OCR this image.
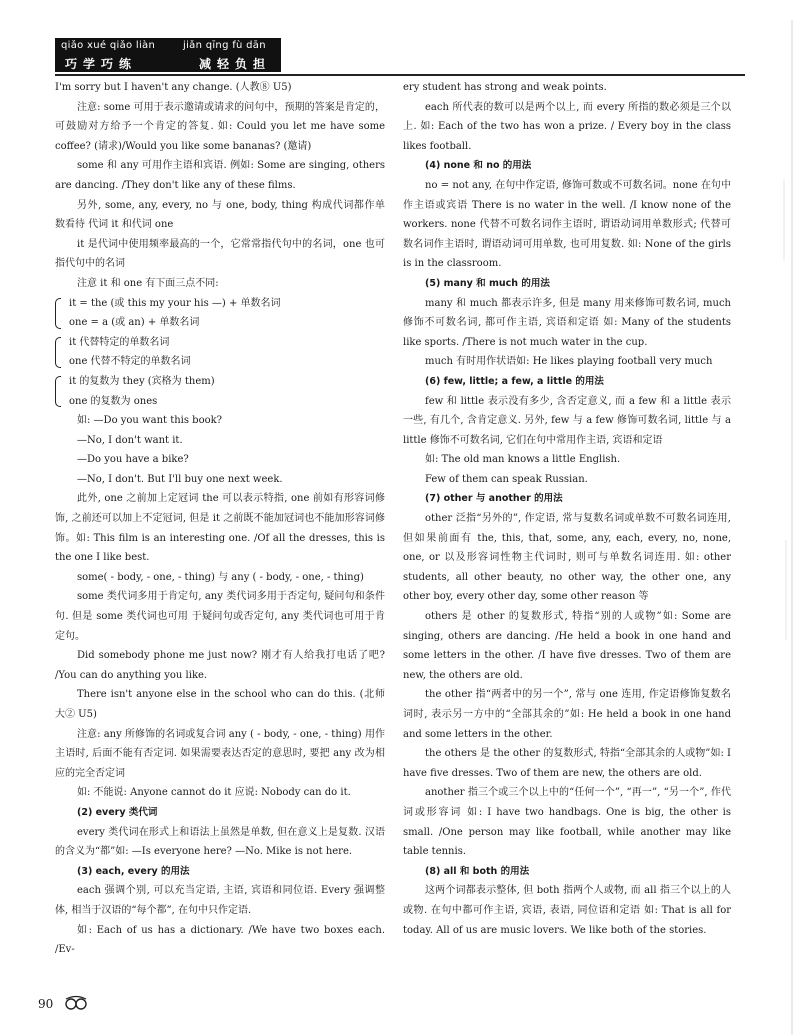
qiǎo xué qiǎo liàn	jiǎn qīng fù dān
巧学巧练	减轻负担

I'm sorry but I haven't any change. (人教⑧ U5)

注意: some 可用于表示邀请或请求的问句中，预期的答案是肯定的，可鼓励对方给予一个肯定的答复. 如: Could you let me have some coffee? (请求)/Would you like some bananas? (邀请)

some 和 any 可用作主语和宾语. 例如: Some are singing, others are dancing. /They don't like any of these films.

另外, some, any, every, no 与 one, body, thing 构成代词都作单数看待 代词 it 和代词 one

it 是代词中使用频率最高的一个，它常常指代句中的名词，one 也可指代句中的名词

注意 it 和 one 有下面三点不同:

it = the (或 this my your his —) + 单数名词

one = a (或 an) + 单数名词

it 代替特定的单数名词

one 代替不特定的单数名词

it 的复数为 they (宾格为 them)

one 的复数为 ones

如: —Do you want this book?

—No, I don't want it.

—Do you have a bike?

—No, I don't. But I'll buy one next week.

此外, one 之前加上定冠词 the 可以表示特指, one 前如有形容词修饰, 之前还可以加上不定冠词, 但是 it 之前既不能加冠词也不能加形容词修饰。如: This film is an interesting one. /Of all the dresses, this is the one I like best.

some( - body, - one, - thing) 与 any ( - body, - one, - thing)

some 类代词多用于肯定句, any 类代词多用于否定句, 疑问句和条件句. 但是 some 类代词也可用 于疑问句或否定句, any 类代词也可用于肯定句。

Did somebody phone me just now? 刚才有人给我打电话了吧? /You can do anything you like.

There isn't anyone else in the school who can do this. (北师大② U5)

注意: any 所修饰的名词或复合词 any ( - body, - one, - thing) 用作主语时, 后面不能有否定词. 如果需要表达否定的意思时, 要把 any 改为相应的完全否定词

如: 不能说: Anyone cannot do it 应说: Nobody can do it.

(2) every 类代词

every 类代词在形式上和语法上虽然是单数, 但在意义上是复数. 汉语的含义为“都”如: —Is everyone here? —No. Mike is not here.

(3) each, every 的用法

each 强调个别, 可以充当定语, 主语, 宾语和同位语. Every 强调整体, 相当于汉语的“每个都”, 在句中只作定语.

如: Each of us has a dictionary. /We have two boxes each. /Ev-

ery student has strong and weak points.

each 所代表的数可以是两个以上, 而 every 所指的数必须是三个以上. 如: Each of the two has won a prize. / Every boy in the class likes football.

(4) none 和 no 的用法

no = not any, 在句中作定语, 修饰可数或不可数名词。none 在句中作主语或宾语 There is no water in the well. /I know none of the workers. none 代替不可数名词作主语时, 谓语动词用单数形式; 代替可数名词作主语时, 谓语动词可用单数, 也可用复数. 如: None of the girls is in the classroom.

(5) many 和 much 的用法

many 和 much 都表示许多, 但是 many 用来修饰可数名词, much 修饰不可数名词, 都可作主语, 宾语和定语 如: Many of the students like sports. /There is not much water in the cup.

much 有时用作状语如: He likes playing football very much

(6) few, little; a few, a little 的用法

few 和 little 表示没有多少, 含否定意义, 而 a few 和 a little 表示一些, 有几个, 含肯定意义. 另外, few 与 a few 修饰可数名词, little 与 a little 修饰不可数名词, 它们在句中常用作主语, 宾语和定语

如: The old man knows a little English.

Few of them can speak Russian.

(7) other 与 another 的用法

other 泛指“另外的”, 作定语, 常与复数名词或单数不可数名词连用, 但如果前面有 the, this, that, some, any, each, every, no, none, one, or 以及形容词性物主代词时, 则可与单数名词连用. 如: other students, all other beauty, no other way, the other one, any other boy, every other day, some other reason 等

others 是 other 的复数形式, 特指“别的人或物”如: Some are singing, others are dancing. /He held a book in one hand and some letters in the other. /I have five dresses. Two of them are new, the others are old.

the other 指“两者中的另一个”, 常与 one 连用, 作定语修饰复数名词时, 表示另一方中的“全部其余的”如: He held a book in one hand and some letters in the other.

the others 是 the other 的复数形式, 特指“全部其余的人或物”如: I have five dresses. Two of them are new, the others are old.

another 指三个或三个以上中的“任何一个”, “再一”, “另一个”, 作代词或形容词 如: I have two handbags. One is big, the other is small. /One person may like football, while another may like table tennis.

(8) all 和 both 的用法

这两个词都表示整体, 但 both 指两个人或物, 而 all 指三个以上的人或物. 在句中都可作主语, 宾语, 表语, 同位语和定语 如: That is all for today. All of us are music lovers. We like both of the stories.

90
